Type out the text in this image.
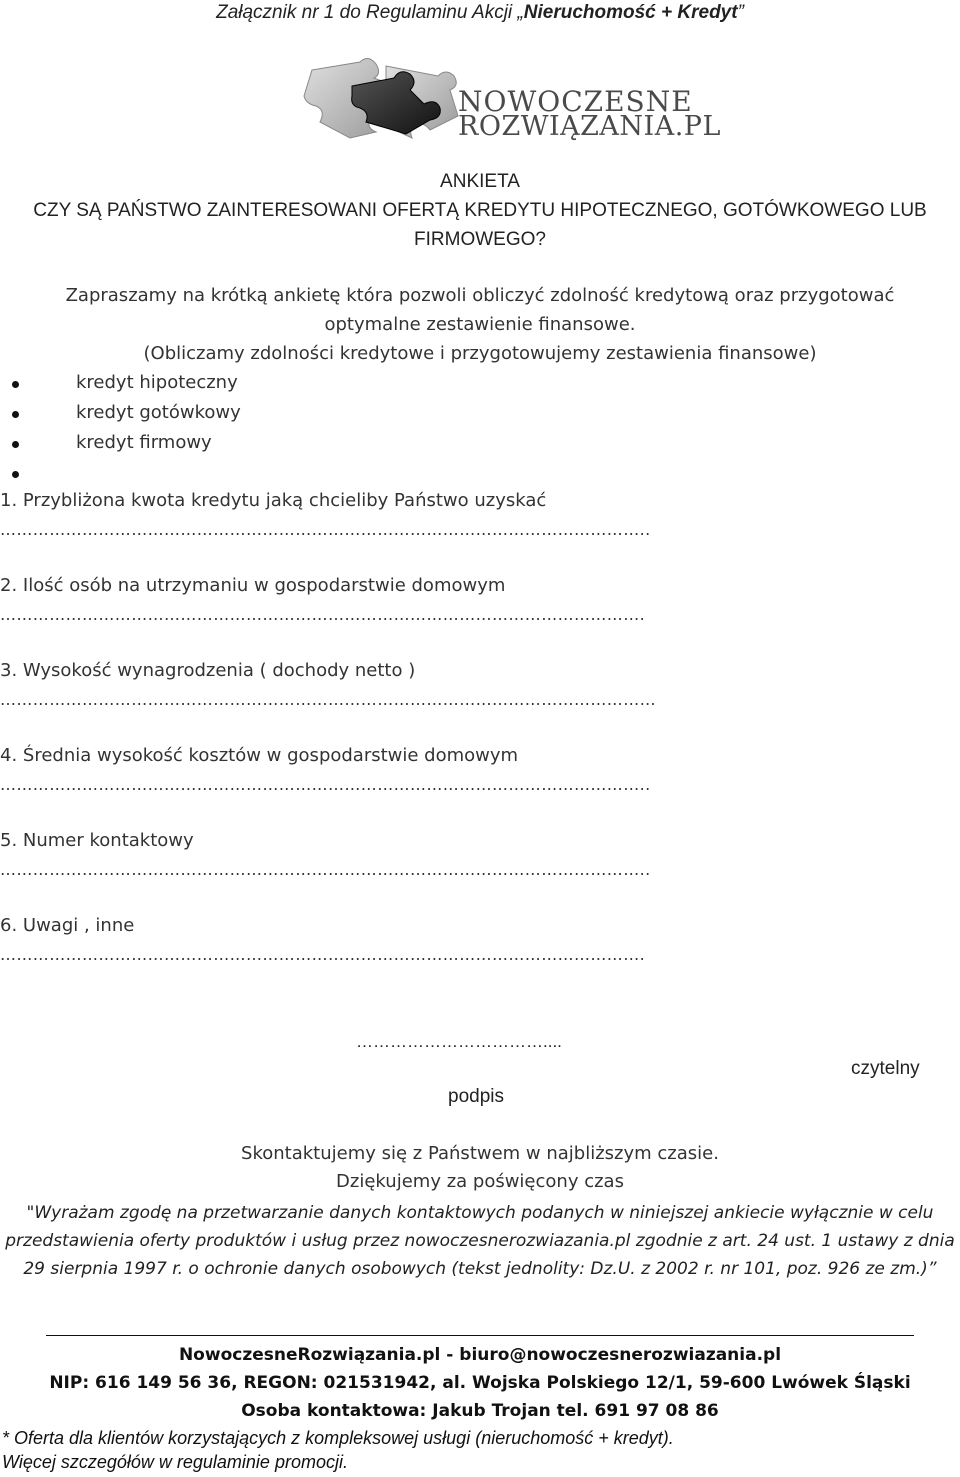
Załącznik nr 1 do Regulaminu Akcji „Nieruchomość + Kredyt”
NOWOCZESNE
ROZWIĄZANIA.PL
ANKIETA
CZY SĄ PAŃSTWO ZAINTERESOWANI OFERTĄ KREDYTU HIPOTECZNEGO, GOTÓWKOWEGO LUB
FIRMOWEGO?
Zapraszamy na krótką ankietę która pozwoli obliczyć zdolność kredytową oraz przygotować
optymalne zestawienie finansowe.
(Obliczamy zdolności kredytowe i przygotowujemy zestawienia finansowe)
kredyt hipoteczny
kredyt gotówkowy
kredyt firmowy
1. Przybliżona kwota kredytu jaką chcieliby Państwo uzyskać
………………………………………………………………………………………………………..
2. Ilość osób na utrzymaniu w gospodarstwie domowym
……………………………………………………………………………………………………….
3. Wysokość wynagrodzenia ( dochody netto )
…………………………………………………………………………………………………………
4. Średnia wysokość kosztów w gospodarstwie domowym
………………………………………………………………………………………………………..
5. Numer kontaktowy
………………………………………………………………………………………………………..
6. Uwagi , inne
……………………………………………………………………………………………………….
……………………………....
czytelny
podpis
Skontaktujemy się z Państwem w najbliższym czasie.
Dziękujemy za poświęcony czas
"Wyrażam zgodę na przetwarzanie danych kontaktowych podanych w niniejszej ankiecie wyłącznie w celu przedstawienia oferty produktów i usług przez nowoczesnerozwiazania.pl zgodnie z art. 24 ust. 1 ustawy z dnia 29 sierpnia 1997 r. o ochronie danych osobowych (tekst jednolity: Dz.U. z 2002 r. nr 101, poz. 926 ze zm.)”
NowoczesneRozwiązania.pl - biuro@nowoczesnerozwiazania.pl
NIP: 616 149 56 36, REGON: 021531942, al. Wojska Polskiego 12/1, 59-600 Lwówek Śląski
Osoba kontaktowa: Jakub Trojan tel. 691 97 08 86
* Oferta dla klientów korzystających z kompleksowej usługi (nieruchomość + kredyt).
Więcej szczegółów w regulaminie promocji.
